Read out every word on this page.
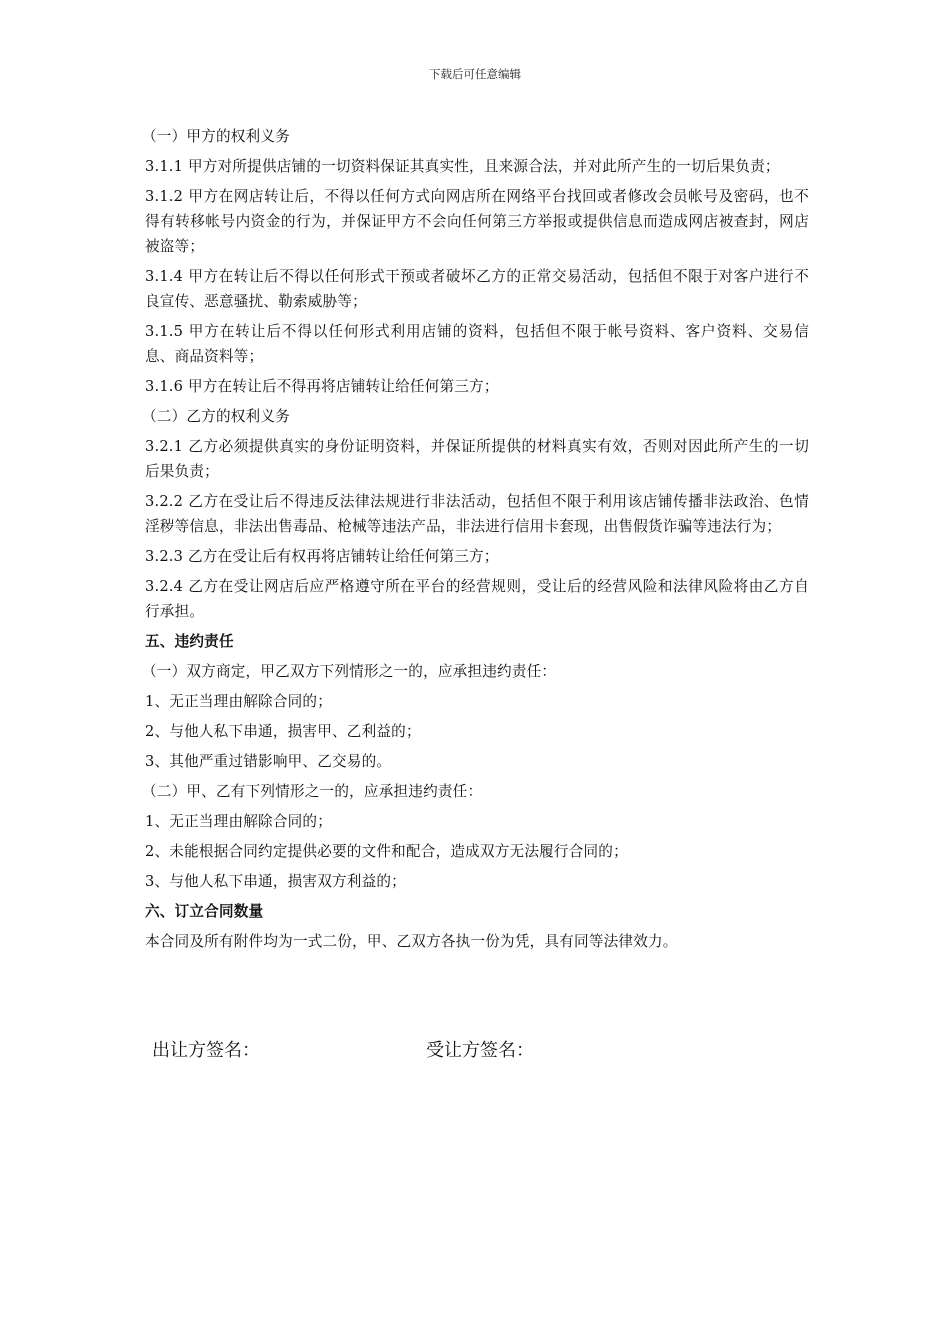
下载后可任意编辑

（一）甲方的权利义务

3.1.1 甲方对所提供店铺的一切资料保证其真实性，且来源合法，并对此所产生的一切后果负责；

3.1.2 甲方在网店转让后，不得以任何方式向网店所在网络平台找回或者修改会员帐号及密码，也不得有转移帐号内资金的行为，并保证甲方不会向任何第三方举报或提供信息而造成网店被查封，网店被盗等；

3.1.4 甲方在转让后不得以任何形式干预或者破坏乙方的正常交易活动，包括但不限于对客户进行不良宣传、恶意骚扰、勒索威胁等；

3.1.5 甲方在转让后不得以任何形式利用店铺的资料，包括但不限于帐号资料、客户资料、交易信息、商品资料等；

3.1.6 甲方在转让后不得再将店铺转让给任何第三方；

（二）乙方的权利义务

3.2.1 乙方必须提供真实的身份证明资料，并保证所提供的材料真实有效，否则对因此所产生的一切后果负责；

3.2.2 乙方在受让后不得违反法律法规进行非法活动，包括但不限于利用该店铺传播非法政治、色情淫秽等信息，非法出售毒品、枪械等违法产品，非法进行信用卡套现，出售假货诈骗等违法行为；

3.2.3 乙方在受让后有权再将店铺转让给任何第三方；

3.2.4 乙方在受让网店后应严格遵守所在平台的经营规则，受让后的经营风险和法律风险将由乙方自行承担。

五、违约责任

（一）双方商定，甲乙双方下列情形之一的，应承担违约责任：

1、无正当理由解除合同的；

2、与他人私下串通，损害甲、乙利益的；

3、其他严重过错影响甲、乙交易的。

（二）甲、乙有下列情形之一的，应承担违约责任：

1、无正当理由解除合同的；

2、未能根据合同约定提供必要的文件和配合，造成双方无法履行合同的；

3、与他人私下串通，损害双方利益的；

六、订立合同数量

本合同及所有附件均为一式二份，甲、乙双方各执一份为凭，具有同等法律效力。

出让方签名：	受让方签名：
